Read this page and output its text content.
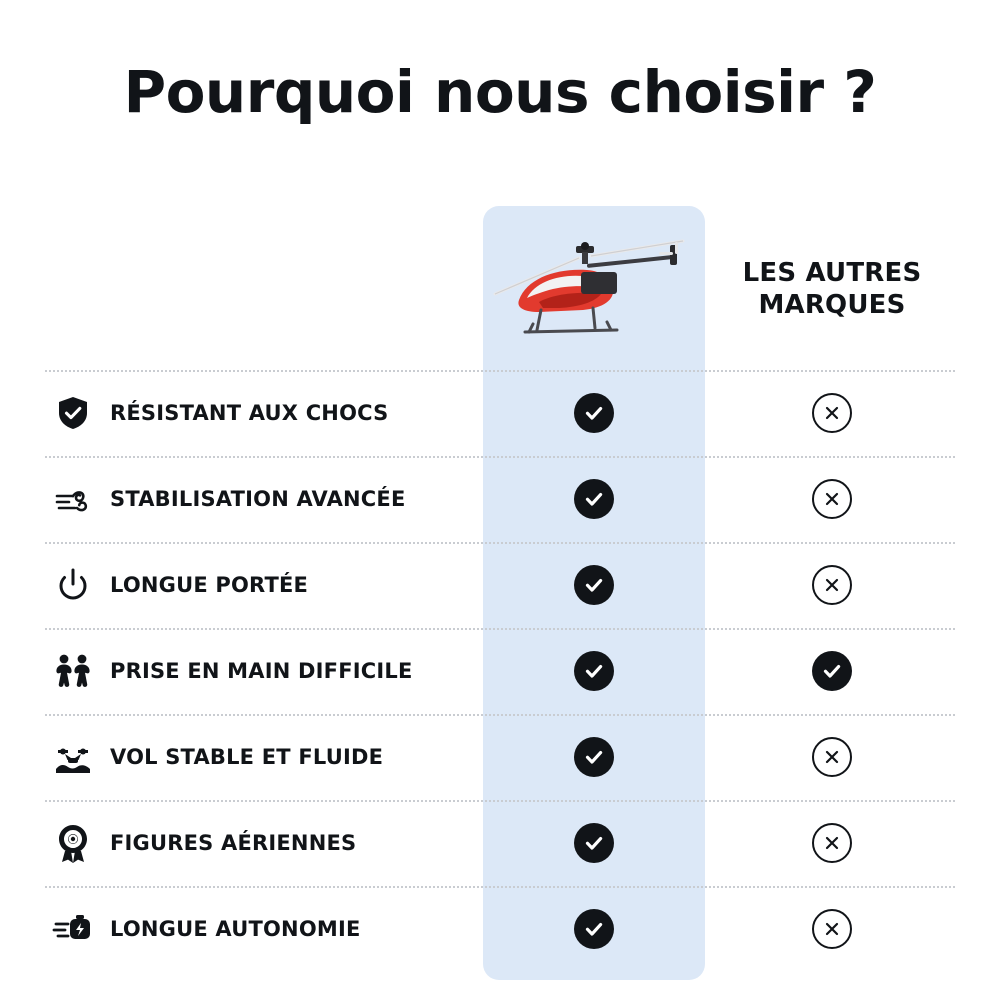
Pourquoi nous choisir ?
LES AUTRES
MARQUES
RÉSISTANT AUX CHOCS
STABILISATION AVANCÉE
LONGUE PORTÉE
PRISE EN MAIN DIFFICILE
VOL STABLE ET FLUIDE
FIGURES AÉRIENNES
LONGUE AUTONOMIE
